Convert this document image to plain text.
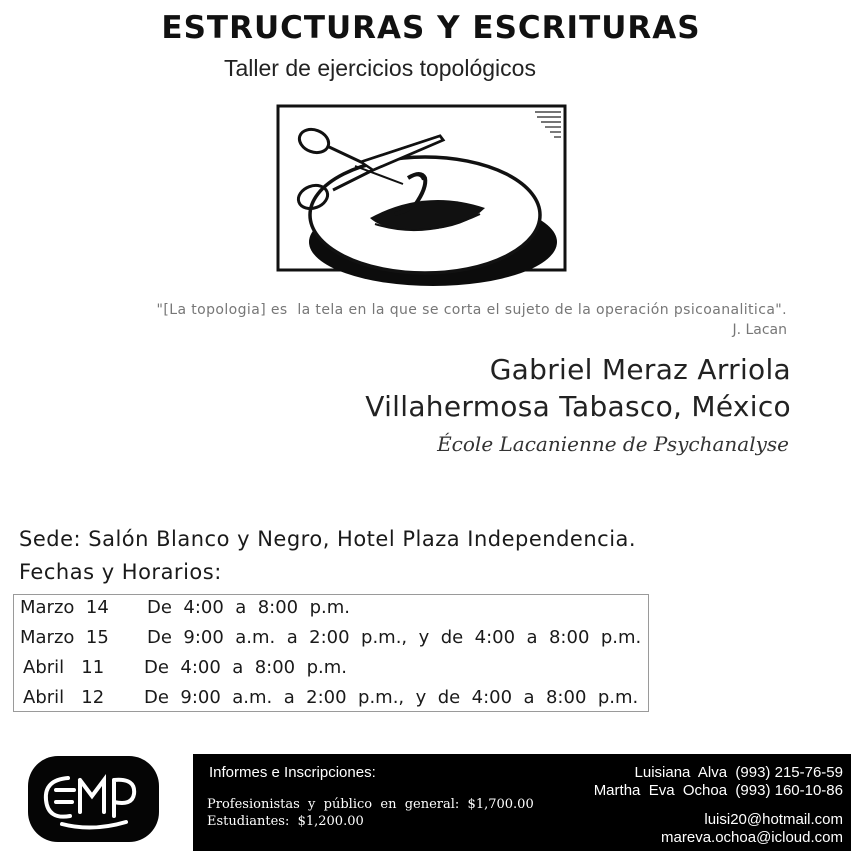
ESTRUCTURAS Y ESCRITURAS
Taller de ejercicios topológicos
"[La topologia] es  la tela en la que se corta el sujeto de la operación psicoanalitica".
J. Lacan
Gabriel Meraz Arriola
Villahermosa Tabasco, México
École Lacanienne de Psychanalyse
Sede: Salón Blanco y Negro, Hotel Plaza Independencia.
Fechas y Horarios:
Marzo  14 De  4:00  a  8:00  p.m.
Marzo  15 De  9:00  a.m.  a  2:00  p.m.,  y  de  4:00  a  8:00  p.m.
Abril   11 De  4:00  a  8:00  p.m.
Abril   12 De  9:00  a.m.  a  2:00  p.m.,  y  de  4:00  a  8:00  p.m.
Informes e Inscripciones:
Profesionistas  y  público  en  general:  $1,700.00
Estudiantes:  $1,200.00
Luisiana  Alva  (993) 215-76-59
Martha  Eva  Ochoa  (993) 160-10-86
luisi20@hotmail.com
mareva.ochoa@icloud.com
